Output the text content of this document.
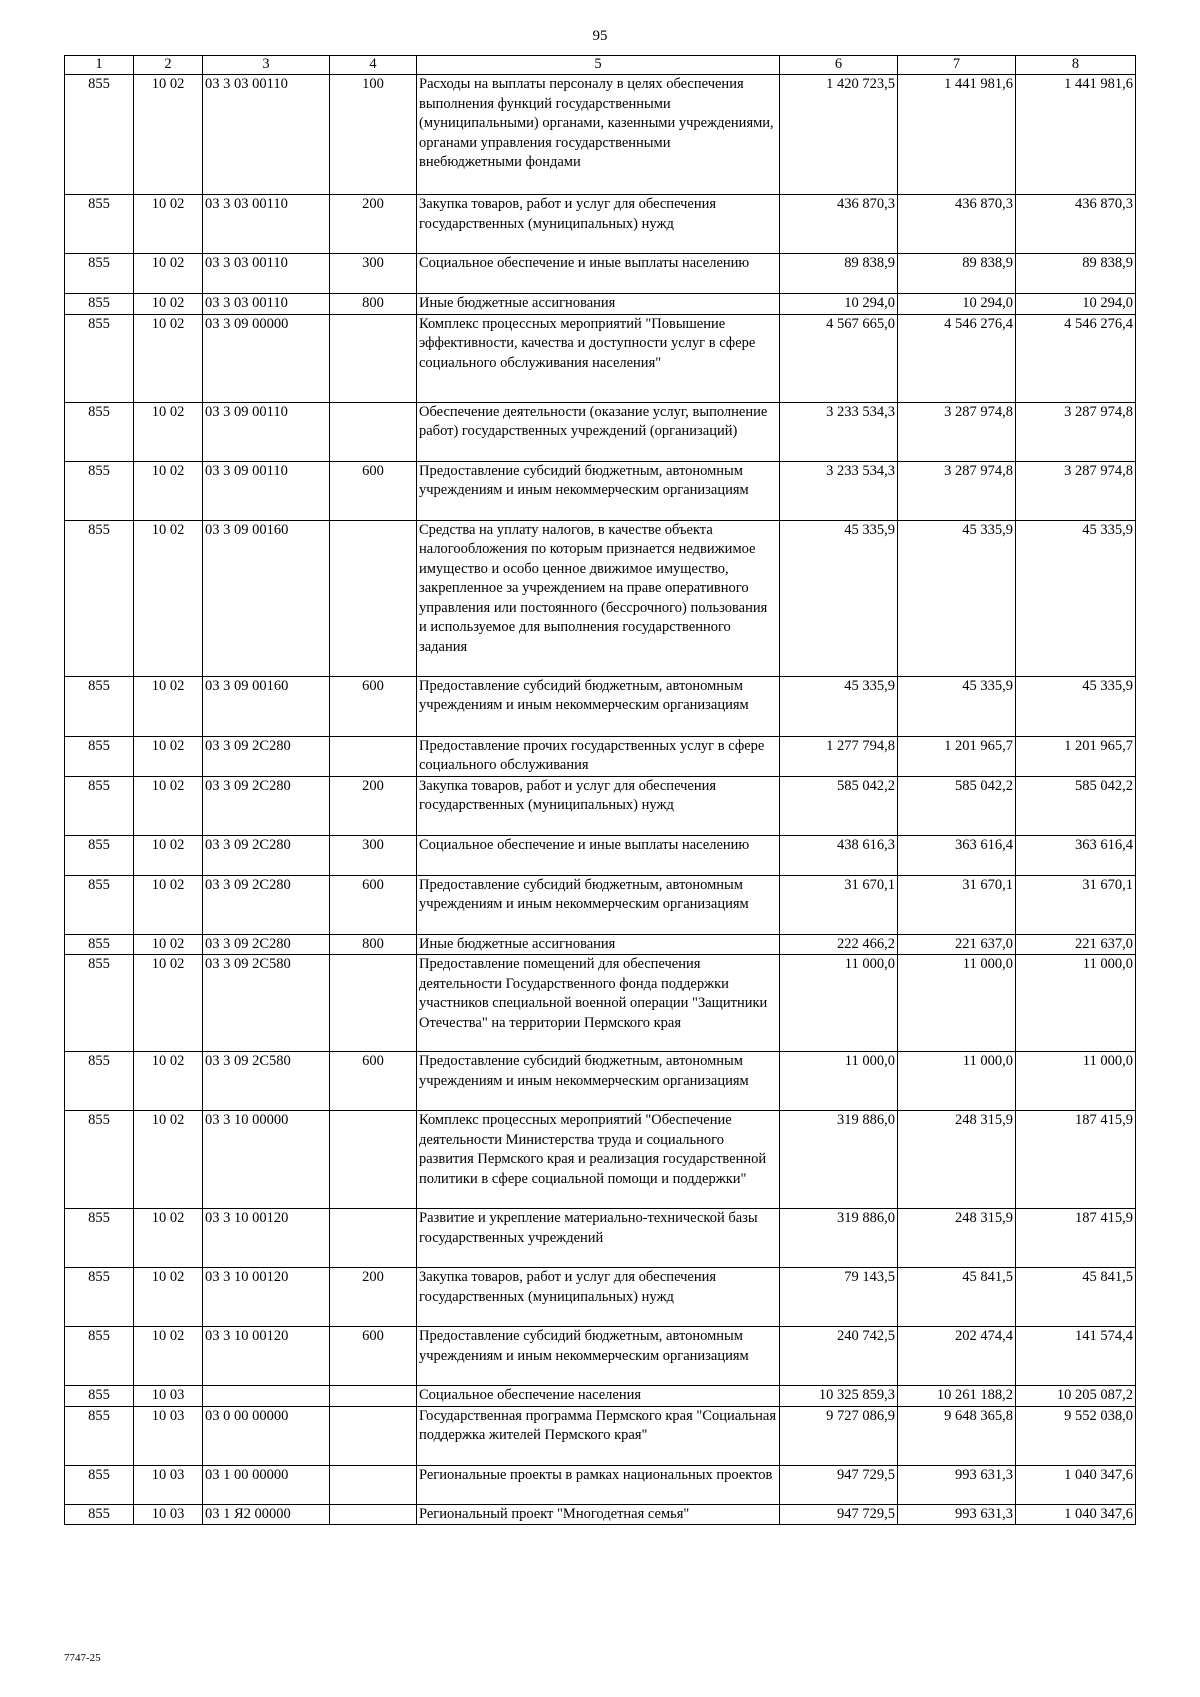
95
1	2	3	4	5	6	7	8
855	10 02	03 3 03 00110	100	Расходы на выплаты персоналу в целях обеспечения выполнения функций государственными (муниципальными) органами, казенными учреждениями, органами управления государственными внебюджетными фондами	1 420 723,5	1 441 981,6	1 441 981,6
855	10 02	03 3 03 00110	200	Закупка товаров, работ и услуг для обеспечения государственных (муниципальных) нужд	436 870,3	436 870,3	436 870,3
855	10 02	03 3 03 00110	300	Социальное обеспечение и иные выплаты населению	89 838,9	89 838,9	89 838,9
855	10 02	03 3 03 00110	800	Иные бюджетные ассигнования	10 294,0	10 294,0	10 294,0
855	10 02	03 3 09 00000		Комплекс процессных мероприятий "Повышение эффективности, качества и доступности услуг в сфере социального обслуживания населения"	4 567 665,0	4 546 276,4	4 546 276,4
855	10 02	03 3 09 00110		Обеспечение деятельности (оказание услуг, выполнение работ) государственных учреждений (организаций)	3 233 534,3	3 287 974,8	3 287 974,8
855	10 02	03 3 09 00110	600	Предоставление субсидий бюджетным, автономным учреждениям и иным некоммерческим организациям	3 233 534,3	3 287 974,8	3 287 974,8
855	10 02	03 3 09 00160		Средства на уплату налогов, в качестве объекта налогообложения по которым признается недвижимое имущество и особо ценное движимое имущество, закрепленное за учреждением на праве оперативного управления или постоянного (бессрочного) пользования и используемое для выполнения государственного задания	45 335,9	45 335,9	45 335,9
855	10 02	03 3 09 00160	600	Предоставление субсидий бюджетным, автономным учреждениям и иным некоммерческим организациям	45 335,9	45 335,9	45 335,9
855	10 02	03 3 09 2С280		Предоставление прочих государственных услуг в сфере социального обслуживания	1 277 794,8	1 201 965,7	1 201 965,7
855	10 02	03 3 09 2С280	200	Закупка товаров, работ и услуг для обеспечения государственных (муниципальных) нужд	585 042,2	585 042,2	585 042,2
855	10 02	03 3 09 2С280	300	Социальное обеспечение и иные выплаты населению	438 616,3	363 616,4	363 616,4
855	10 02	03 3 09 2С280	600	Предоставление субсидий бюджетным, автономным учреждениям и иным некоммерческим организациям	31 670,1	31 670,1	31 670,1
855	10 02	03 3 09 2С280	800	Иные бюджетные ассигнования	222 466,2	221 637,0	221 637,0
855	10 02	03 3 09 2С580		Предоставление помещений для обеспечения деятельности Государственного фонда поддержки участников специальной военной операции "Защитники Отечества" на территории Пермского края	11 000,0	11 000,0	11 000,0
855	10 02	03 3 09 2С580	600	Предоставление субсидий бюджетным, автономным учреждениям и иным некоммерческим организациям	11 000,0	11 000,0	11 000,0
855	10 02	03 3 10 00000		Комплекс процессных мероприятий "Обеспечение деятельности Министерства труда и социального развития Пермского края и реализация государственной политики в сфере социальной помощи и поддержки"	319 886,0	248 315,9	187 415,9
855	10 02	03 3 10 00120		Развитие и укрепление материально-технической базы государственных учреждений	319 886,0	248 315,9	187 415,9
855	10 02	03 3 10 00120	200	Закупка товаров, работ и услуг для обеспечения государственных (муниципальных) нужд	79 143,5	45 841,5	45 841,5
855	10 02	03 3 10 00120	600	Предоставление субсидий бюджетным, автономным учреждениям и иным некоммерческим организациям	240 742,5	202 474,4	141 574,4
855	10 03			Социальное обеспечение населения	10 325 859,3	10 261 188,2	10 205 087,2
855	10 03	03 0 00 00000		Государственная программа Пермского края "Социальная поддержка жителей Пермского края"	9 727 086,9	9 648 365,8	9 552 038,0
855	10 03	03 1 00 00000		Региональные проекты в рамках национальных проектов	947 729,5	993 631,3	1 040 347,6
855	10 03	03 1 Я2 00000		Региональный проект "Многодетная семья"	947 729,5	993 631,3	1 040 347,6
7747-25
